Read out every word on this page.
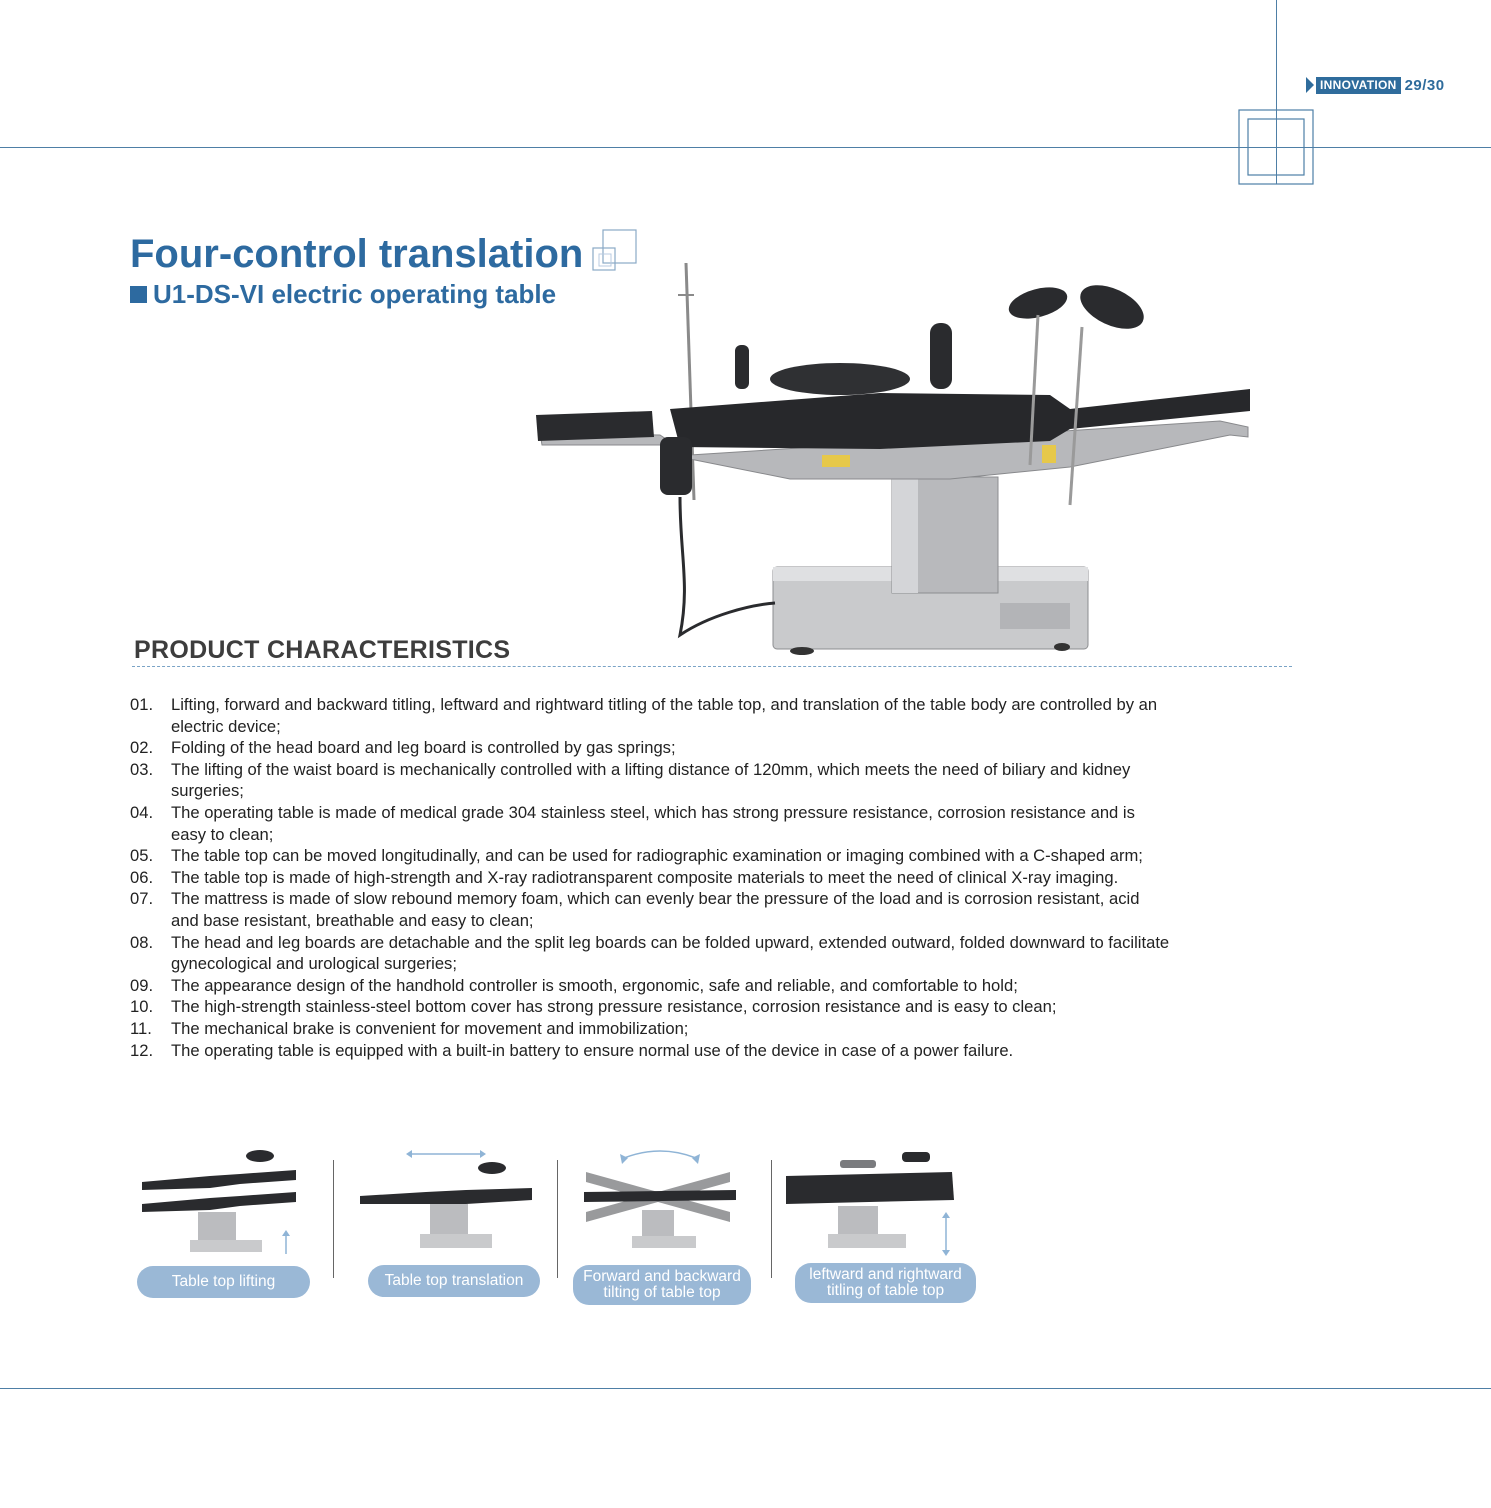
INNOVATION 29/30
Four-control translation
U1-DS-VI electric operating table
PRODUCT CHARACTERISTICS
01.	Lifting, forward and backward titling, leftward and rightward titling of the table top, and translation of the table body are controlled by an electric device;
02.	Folding of the head board and leg board is controlled by gas springs;
03.	The lifting of the waist board is mechanically controlled with a lifting distance of 120mm, which meets the need of biliary and kidney surgeries;
04.	The operating table is made of medical grade 304 stainless steel, which has strong pressure resistance, corrosion resistance and is easy to clean;
05.	The table top can be moved longitudinally, and can be used for radiographic examination or imaging combined with a C-shaped arm;
06.	The table top is made of high-strength and X-ray radiotransparent composite materials to meet the need of clinical X-ray imaging.
07.	The mattress is made of slow rebound memory foam, which can evenly bear the pressure of the load and is corrosion resistant, acid and base resistant, breathable and easy to clean;
08.	The head and leg boards are detachable and the split leg boards can be folded upward, extended outward, folded downward to facilitate gynecological and urological surgeries;
09.	The appearance design of the handhold controller is smooth, ergonomic, safe and reliable, and comfortable to hold;
10.	The high-strength stainless-steel bottom cover has strong pressure resistance, corrosion resistance and is easy to clean;
11.	The mechanical brake is convenient for movement and immobilization;
12.	The operating table is equipped with a built-in battery to ensure normal use of the device in case of a power failure.
Table top lifting	Table top translation	Forward and backward
tilting of table top
leftward and rightward
titling of table top
